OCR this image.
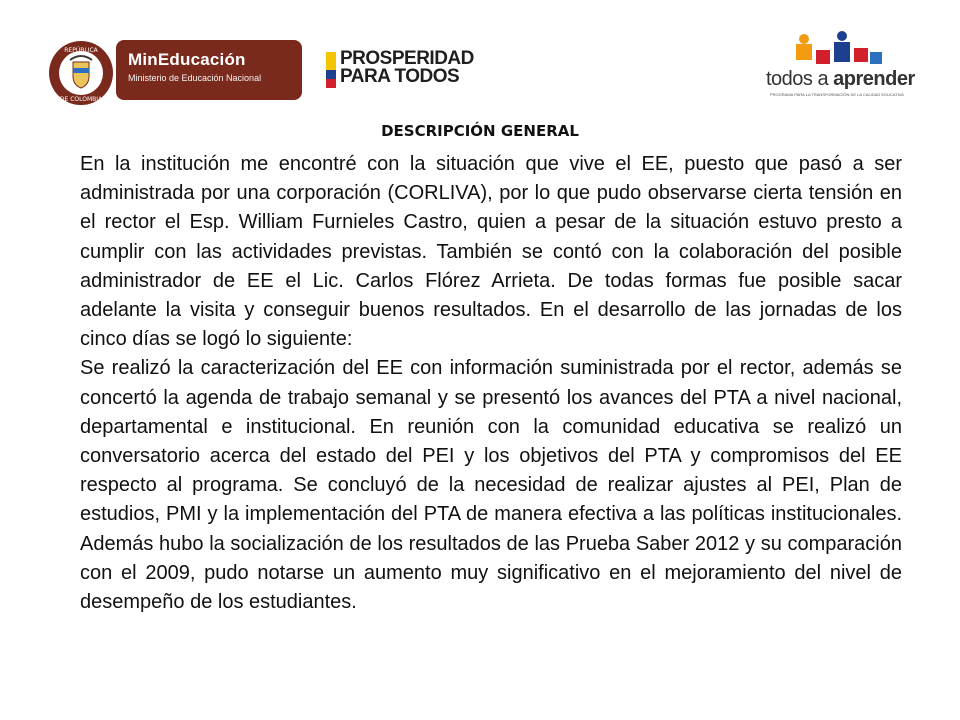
REPÚBLICA
DE COLOMBIA
MinEducación
Ministerio de Educación Nacional
PROSPERIDAD
PARA TODOS	todos a aprender
PROGRAMA PARA LA TRANSFORMACIÓN DE LA CALIDAD EDUCATIVA
DESCRIPCIÓN GENERAL

En la institución me encontré con la situación que vive el EE, puesto que pasó a ser administrada por una corporación (CORLIVA), por lo que pudo observarse cierta tensión en el rector el Esp. William Furnieles Castro, quien a pesar de la situación estuvo presto a cumplir con las actividades previstas. También se contó con la colaboración del posible administrador de EE el Lic. Carlos Flórez Arrieta. De todas formas fue posible sacar adelante la visita y conseguir buenos resultados. En el desarrollo de las jornadas de los cinco días se logó lo siguiente:

Se realizó la caracterización del EE con información suministrada por el rector, además se concertó la agenda de trabajo semanal y se presentó los avances del PTA a nivel nacional, departamental e institucional. En reunión con la comunidad educativa se realizó un conversatorio acerca del estado del PEI y los objetivos del PTA y compromisos del EE respecto al programa. Se concluyó de la necesidad de realizar ajustes al PEI, Plan de estudios, PMI y la implementación del PTA de manera efectiva a las políticas institucionales. Además hubo la socialización de los resultados de las Prueba Saber 2012 y su comparación con el 2009, pudo notarse un aumento muy significativo en el mejoramiento del nivel de desempeño de los estudiantes.
